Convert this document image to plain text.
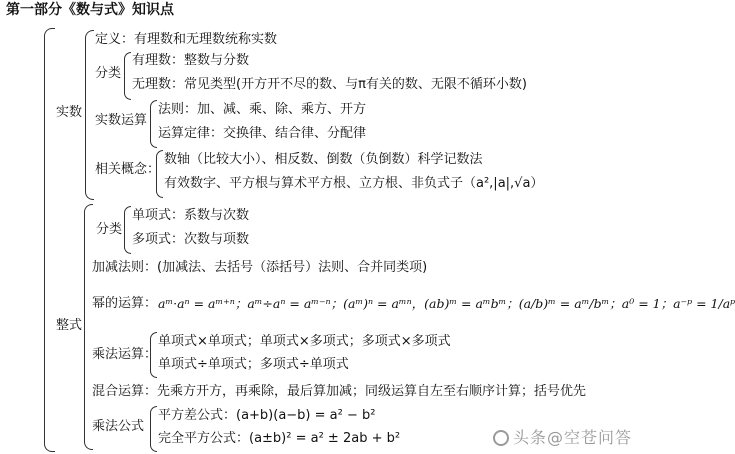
第一部分《数与式》知识点
实数
定义：有理数和无理数统称实数
分类
有理数：整数与分数
无理数：常见类型(开方开不尽的数、与π有关的数、无限不循环小数)
实数运算
法则：加、减、乘、除、乘方、开方
运算定律：交换律、结合律、分配律
相关概念：
数轴（比较大小）、相反数、倒数（负倒数）科学记数法
有效数字、平方根与算术平方根、立方根、非负式子（a²,|a|,√a）
整式
分类
单项式：系数与次数
多项式：次数与项数
加减法则：(加减法、去括号（添括号）法则、合并同类项)
幂的运算： aᵐ·aⁿ = aᵐ⁺ⁿ；aᵐ÷aⁿ = aᵐ⁻ⁿ；(aᵐ)ⁿ = aᵐⁿ，(ab)ᵐ = aᵐbᵐ；(a/b)ᵐ = aᵐ/bᵐ；a⁰ = 1；a⁻ᵖ = 1/aᵖ
乘法运算：
单项式×单项式；单项式×多项式；多项式×多项式
单项式÷单项式；多项式÷单项式
混合运算：先乘方开方，再乘除，最后算加减；同级运算自左至右顺序计算；括号优先
乘法公式
平方差公式：(a+b)(a−b) = a² − b²
完全平方公式：(a±b)² = a² ± 2ab + b²	头条@空苍问答
